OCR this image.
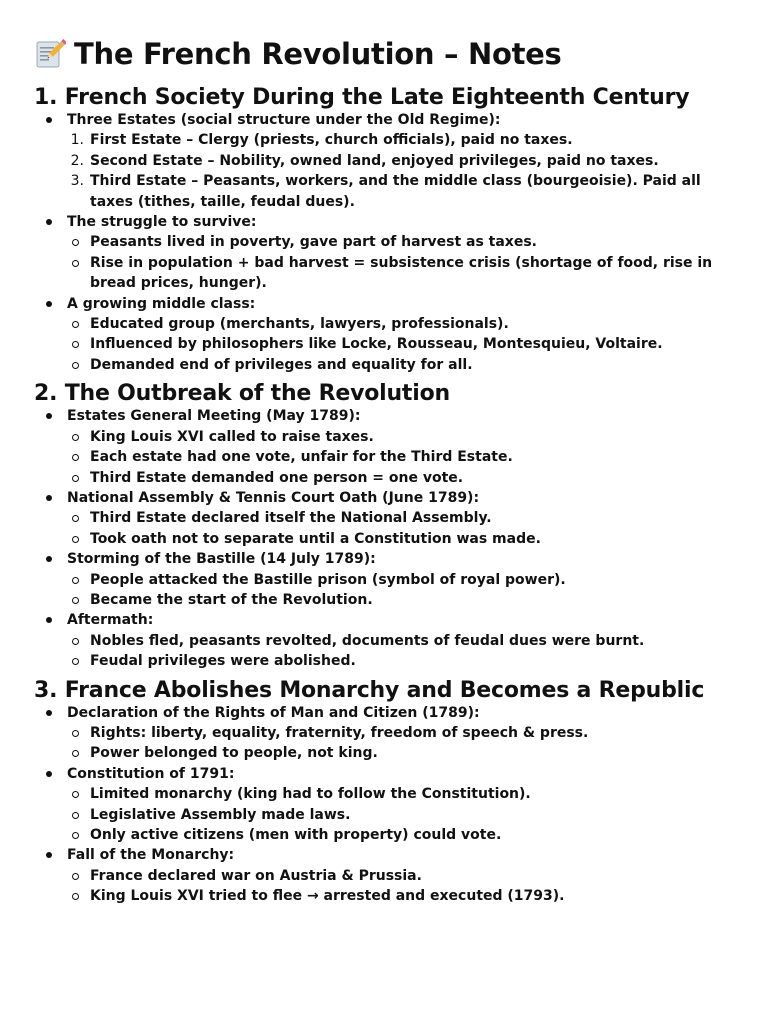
The French Revolution – Notes
1. French Society During the Late Eighteenth Century
Three Estates (social structure under the Old Regime):
1. First Estate – Clergy (priests, church officials), paid no taxes.
2. Second Estate – Nobility, owned land, enjoyed privileges, paid no taxes.
3. Third Estate – Peasants, workers, and the middle class (bourgeoisie). Paid all taxes (tithes, taille, feudal dues).
The struggle to survive:
Peasants lived in poverty, gave part of harvest as taxes.
Rise in population + bad harvest = subsistence crisis (shortage of food, rise in bread prices, hunger).
A growing middle class:
Educated group (merchants, lawyers, professionals).
Influenced by philosophers like Locke, Rousseau, Montesquieu, Voltaire.
Demanded end of privileges and equality for all.
2. The Outbreak of the Revolution
Estates General Meeting (May 1789):
King Louis XVI called to raise taxes.
Each estate had one vote, unfair for the Third Estate.
Third Estate demanded one person = one vote.
National Assembly & Tennis Court Oath (June 1789):
Third Estate declared itself the National Assembly.
Took oath not to separate until a Constitution was made.
Storming of the Bastille (14 July 1789):
People attacked the Bastille prison (symbol of royal power).
Became the start of the Revolution.
Aftermath:
Nobles fled, peasants revolted, documents of feudal dues were burnt.
Feudal privileges were abolished.
3. France Abolishes Monarchy and Becomes a Republic
Declaration of the Rights of Man and Citizen (1789):
Rights: liberty, equality, fraternity, freedom of speech & press.
Power belonged to people, not king.
Constitution of 1791:
Limited monarchy (king had to follow the Constitution).
Legislative Assembly made laws.
Only active citizens (men with property) could vote.
Fall of the Monarchy:
France declared war on Austria & Prussia.
King Louis XVI tried to flee → arrested and executed (1793).
